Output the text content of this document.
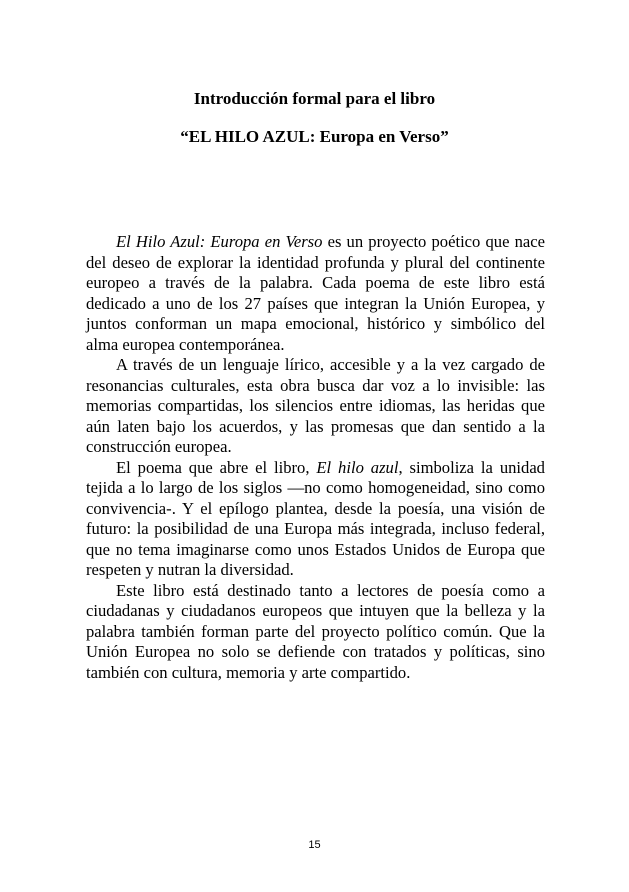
Introducción formal para el libro
“EL HILO AZUL: Europa en Verso”

El Hilo Azul: Europa en Verso es un proyecto poético que nace del deseo de explorar la identidad profunda y plural del continente europeo a través de la palabra. Cada poema de este libro está dedicado a uno de los 27 países que integran la Unión Europea, y juntos conforman un mapa emocional, histórico y simbólico del alma europea contemporánea.

A través de un lenguaje lírico, accesible y a la vez cargado de resonancias culturales, esta obra busca dar voz a lo invisible: las memorias compartidas, los silencios entre idiomas, las heridas que aún laten bajo los acuerdos, y las promesas que dan sentido a la construcción europea.

El poema que abre el libro, El hilo azul, simboliza la unidad tejida a lo largo de los siglos —no como homogeneidad, sino como convivencia-. Y el epílogo plantea, desde la poesía, una visión de futuro: la posibilidad de una Europa más integrada, incluso federal, que no tema imaginarse como unos Estados Unidos de Europa que respeten y nutran la diversidad.

Este libro está destinado tanto a lectores de poesía como a ciudadanas y ciudadanos europeos que intuyen que la belleza y la palabra también forman parte del proyecto político común. Que la Unión Europea no solo se defiende con tratados y políticas, sino también con cultura, memoria y arte compartido.

15
